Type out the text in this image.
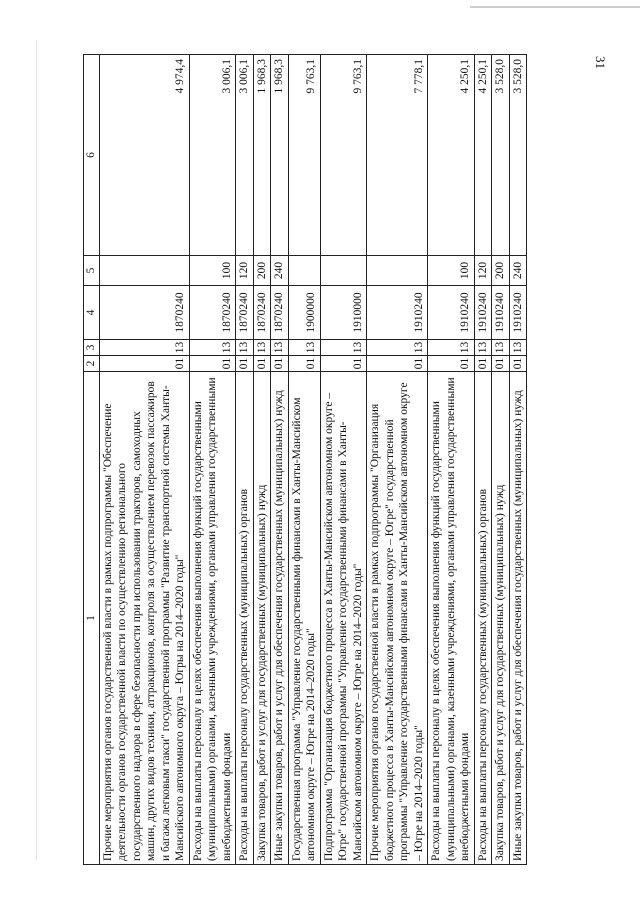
31
1	2	3	4	5	6
Прочие мероприятия органов государственной власти в рамках подпрограммы "Обеспечение деятельности органов государственной власти по осуществлению регионального государственного надзора в сфере безопасности при использовании тракторов, самоходных машин, других видов техники, аттракционов, контроля за осуществлением перевозок пассажиров и багажа легковым такси" государственной программы "Развитие транспортной системы Ханты-Мансийского автономного округа – Югры на 2014–2020 годы"	01	13	1870240		4 974,4
Расходы на выплаты персоналу в целях обеспечения выполнения функций государственными (муниципальными) органами, казенными учреждениями, органами управления государственными внебюджетными фондами	01	13	1870240	100	3 006,1
Расходы на выплаты персоналу государственных (муниципальных) органов	01	13	1870240	120	3 006,1
Закупка товаров, работ и услуг для государственных (муниципальных) нужд	01	13	1870240	200	1 968,3
Иные закупки товаров, работ и услуг для обеспечения государственных (муниципальных) нужд	01	13	1870240	240	1 968,3
Государственная программа "Управление государственными финансами в Ханты-Мансийском автономном округе – Югре на 2014–2020 годы"	01	13	1900000		9 763,1
Подпрограмма "Организация бюджетного процесса в Ханты-Мансийском автономном округе – Югре" государственной программы "Управление государственными финансами в Ханты-Мансийском автономном округе – Югре на 2014–2020 годы"	01	13	1910000		9 763,1
Прочие мероприятия органов государственной власти в рамках подпрограммы "Организация бюджетного процесса в Ханты-Мансийском автономном округе – Югре" государственной программы "Управление государственными финансами в Ханты-Мансийском автономном округе – Югре на 2014–2020 годы"	01	13	1910240		7 778,1
Расходы на выплаты персоналу в целях обеспечения выполнения функций государственными (муниципальными) органами, казенными учреждениями, органами управления государственными внебюджетными фондами	01	13	1910240	100	4 250,1
Расходы на выплаты персоналу государственных (муниципальных) органов	01	13	1910240	120	4 250,1
Закупка товаров, работ и услуг для государственных (муниципальных) нужд	01	13	1910240	200	3 528,0
Иные закупки товаров, работ и услуг для обеспечения государственных (муниципальных) нужд	01	13	1910240	240	3 528,0
